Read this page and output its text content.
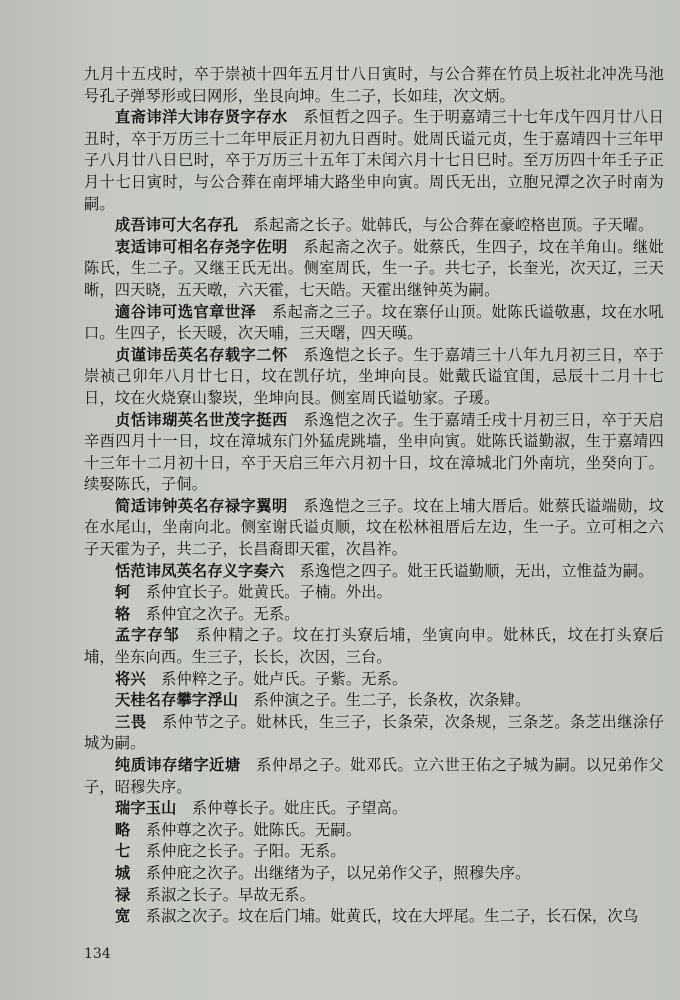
九月十五戌时，卒于崇祯十四年五月廿八日寅时，与公合葬在竹员上坂社北冲冼马池号孔子弹琴形或曰网形，坐艮向坤。生二子，长如珪，次文炳。

直斋讳洋大讳存贤字存水　系恒哲之四子。生于明嘉靖三十七年戊午四月廿八日丑时，卒于万历三十二年甲辰正月初九日酉时。妣周氏谥元贞，生于嘉靖四十三年甲子八月廿八日巳时，卒于万历三十五年丁未闰六月十七日巳时。至万历四十年壬子正月十七日寅时，与公合葬在南坪埔大路坐申向寅。周氏无出，立胞兄潭之次子时南为嗣。

成吾讳可大名存孔　系起斋之长子。妣韩氏，与公合葬在豪崆格岜顶。子天曜。

衷适讳可相名存尧字佐明　系起斋之次子。妣蔡氏，生四子，坟在羊角山。继妣陈氏，生二子。又继王氏无出。侧室周氏，生一子。共七子，长奎光，次天辽，三天晰，四天晓，五天暾，六天霍，七天皓。天霍出继钟英为嗣。

適谷讳可选官章世泽　系起斋之三子。坟在寨仔山顶。妣陈氏谥敬惠，坟在水吼口。生四子，长天暖，次天晡，三天曙，四天暵。

贞谨讳岳英名存载字二怀　系逸恺之长子。生于嘉靖三十八年九月初三日，卒于崇祯己卯年八月廿七日，坟在凯仔坑，坐坤向艮。妣戴氏谥宜闺，忌辰十二月十七日，坟在火烧寮山黎崁，坐坤向艮。侧室周氏谥劬家。子瑗。

贞恬讳瑚英名世茂字挺西　系逸恺之次子。生于嘉靖壬戌十月初三日，卒于天启辛酉四月十一日，坟在漳城东门外猛虎跳墙，坐申向寅。妣陈氏谥勤淑，生于嘉靖四十三年十二月初十日，卒于天启三年六月初十日，坟在漳城北门外南坑，坐癸向丁。续娶陈氏，子侗。

简适讳钟英名存禄字翼明　系逸恺之三子。坟在上埔大厝后。妣蔡氏谥端勋，坟在水尾山，坐南向北。侧室谢氏谥贞顺，坟在松林祖厝后左边，生一子。立可相之六子天霍为子，共二子，长昌裔即天霍，次昌祚。

恬范讳凤英名存义字奏六　系逸恺之四子。妣王氏谥勤顺，无出，立惟益为嗣。

轲　系仲宜长子。妣黄氏。子楠。外出。

辂　系仲宜之次子。无系。

孟字存邹　系仲精之子。坟在打头寮后埔，坐寅向申。妣林氏，坟在打头寮后埔，坐东向西。生三子，长长，次因，三台。

将兴　系仲粹之子。妣卢氏。子紫。无系。

天桂名存攀字浮山　系仲演之子。生二子，长条枚，次条肄。

三畏　系仲节之子。妣林氏，生三子，长条荣，次条规，三条芝。条芝出继涂仔城为嗣。

纯质讳存绪字近塘　系仲昂之子。妣邓氏。立六世王佑之子城为嗣。以兄弟作父子，昭穆失序。

瑞字玉山　系仲尊长子。妣庄氏。子望高。

略　系仲尊之次子。妣陈氏。无嗣。

七　系仲庇之长子。子阳。无系。

城　系仲庇之次子。出继绪为子，以兄弟作父子，照穆失序。

禄　系淑之长子。早故无系。

宽　系淑之次子。坟在后门埔。妣黄氏，坟在大坪尾。生二子，长石保，次乌

134
